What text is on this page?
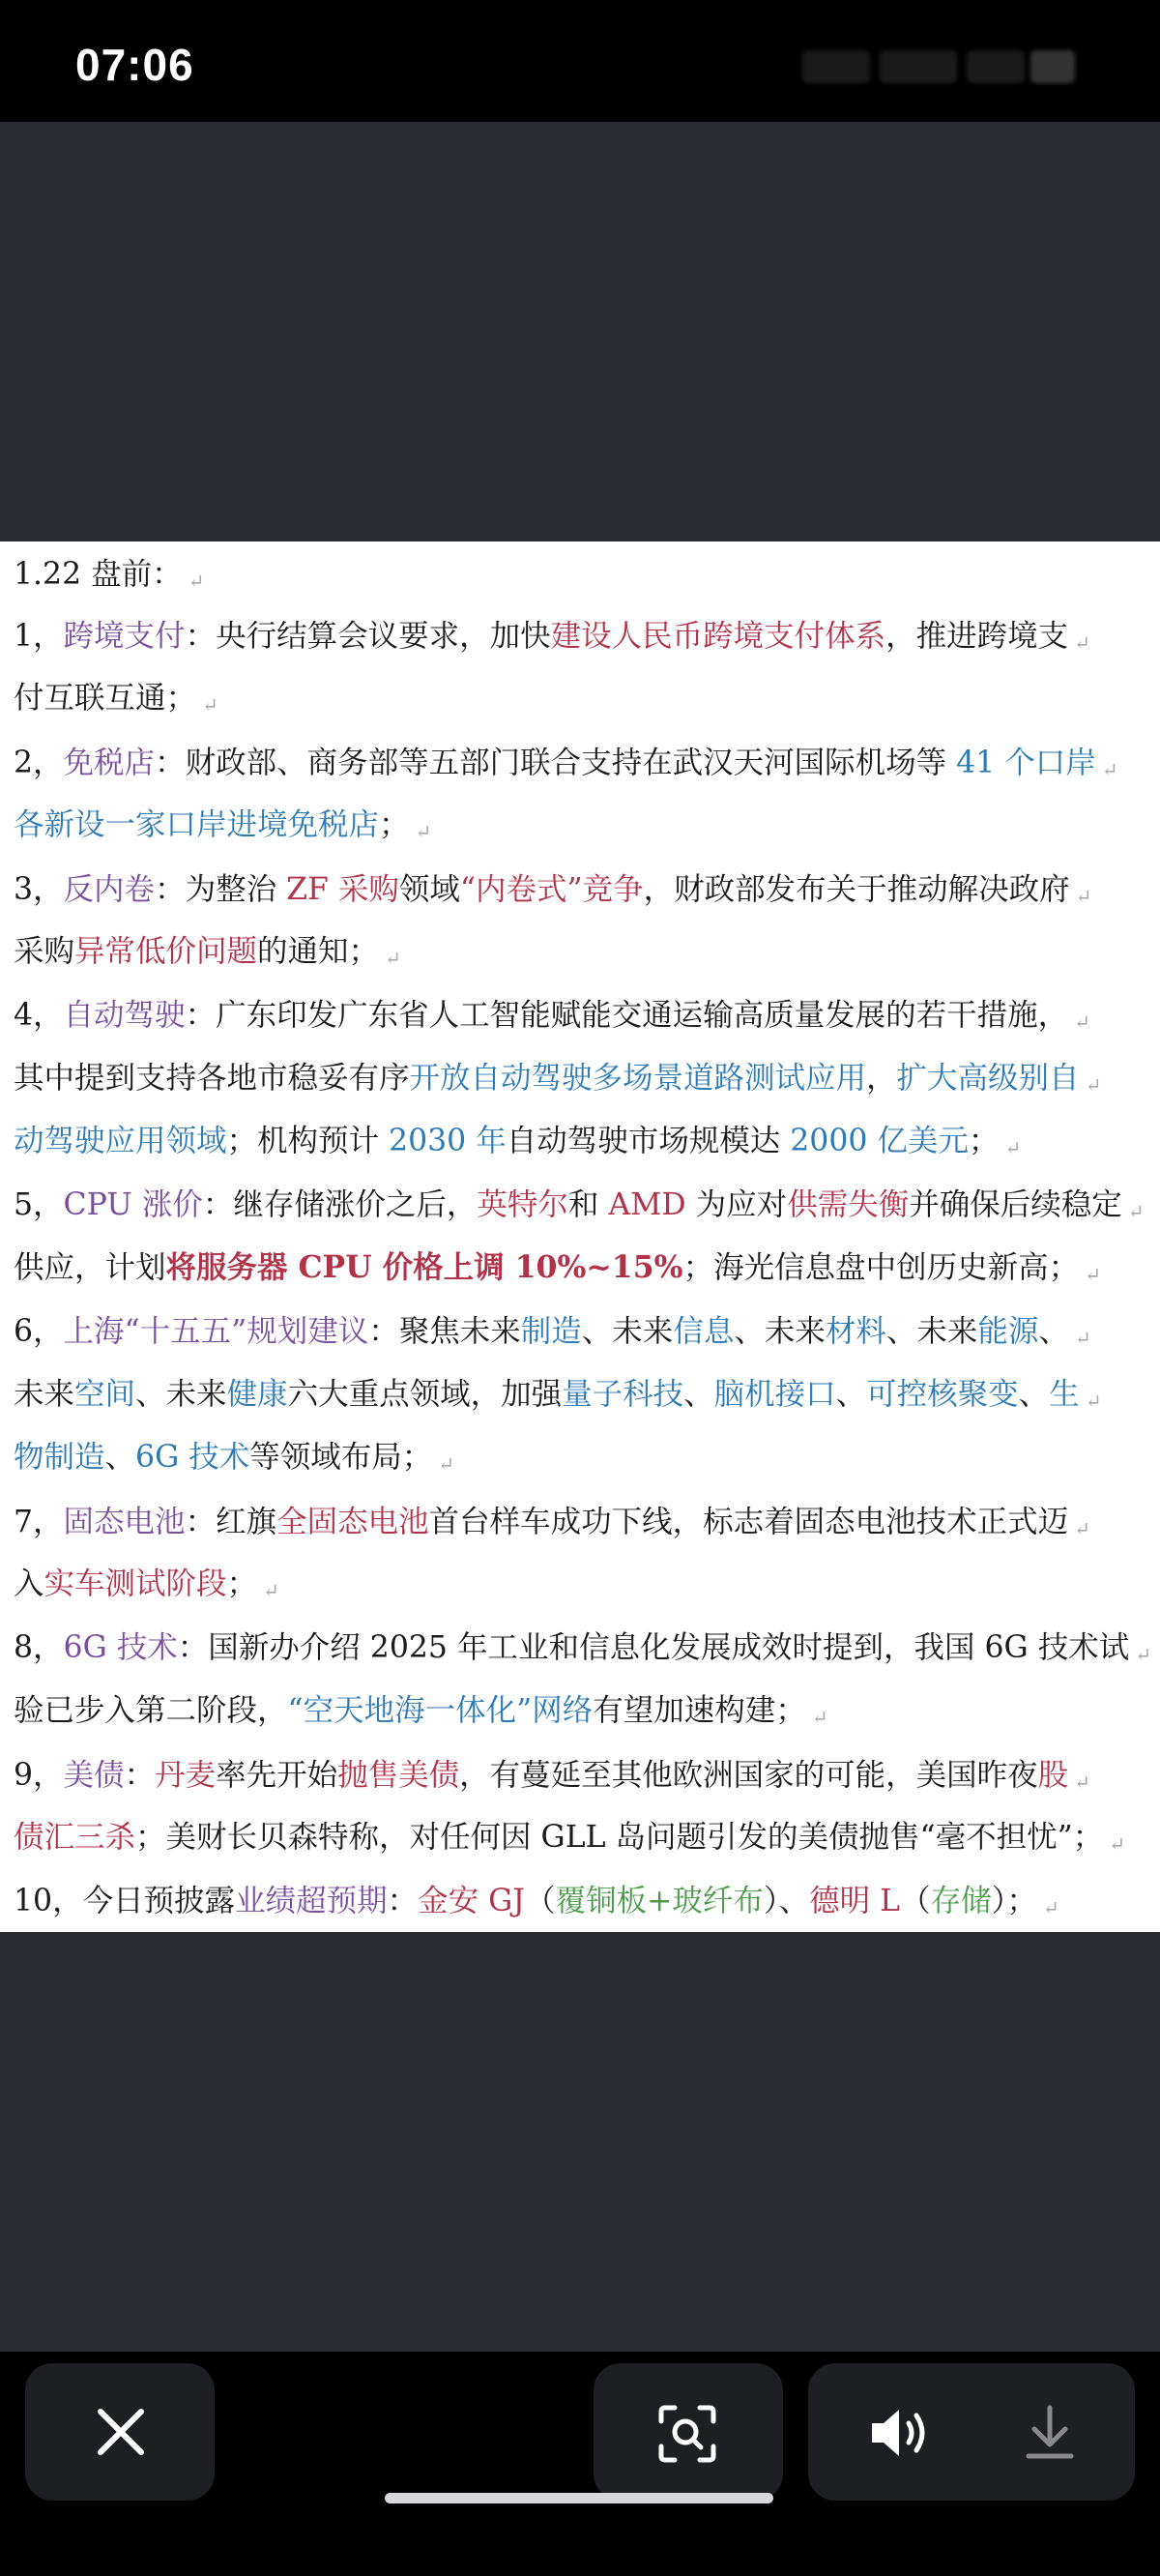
07:06
1.22 盘前： ↵
1，跨境支付：央行结算会议要求，加快建设人民币跨境支付体系，推进跨境支 ↵
付互联互通； ↵
2，免税店：财政部、商务部等五部门联合支持在武汉天河国际机场等 41 个口岸 ↵
各新设一家口岸进境免税店； ↵
3，反内卷：为整治 ZF 采购领域“内卷式”竞争，财政部发布关于推动解决政府 ↵
采购异常低价问题的通知； ↵
4，自动驾驶：广东印发广东省人工智能赋能交通运输高质量发展的若干措施， ↵
其中提到支持各地市稳妥有序开放自动驾驶多场景道路测试应用，扩大高级别自 ↵
动驾驶应用领域；机构预计 2030 年自动驾驶市场规模达 2000 亿美元； ↵
5，CPU 涨价：继存储涨价之后，英特尔和 AMD 为应对供需失衡并确保后续稳定 ↵
供应，计划将服务器 CPU 价格上调 10%~15%；海光信息盘中创历史新高； ↵
6，上海“十五五”规划建议：聚焦未来制造、未来信息、未来材料、未来能源、 ↵
未来空间、未来健康六大重点领域，加强量子科技、脑机接口、可控核聚变、生 ↵
物制造、6G 技术等领域布局； ↵
7，固态电池：红旗全固态电池首台样车成功下线，标志着固态电池技术正式迈 ↵
入实车测试阶段； ↵
8，6G 技术：国新办介绍 2025 年工业和信息化发展成效时提到，我国 6G 技术试 ↵
验已步入第二阶段，“空天地海一体化”网络有望加速构建； ↵
9，美债：丹麦率先开始抛售美债，有蔓延至其他欧洲国家的可能，美国昨夜股 ↵
债汇三杀；美财长贝森特称，对任何因 GLL 岛问题引发的美债抛售“毫不担忧”； ↵
10，今日预披露业绩超预期：金安 GJ（覆铜板+玻纤布）、德明 L（存储）； ↵
